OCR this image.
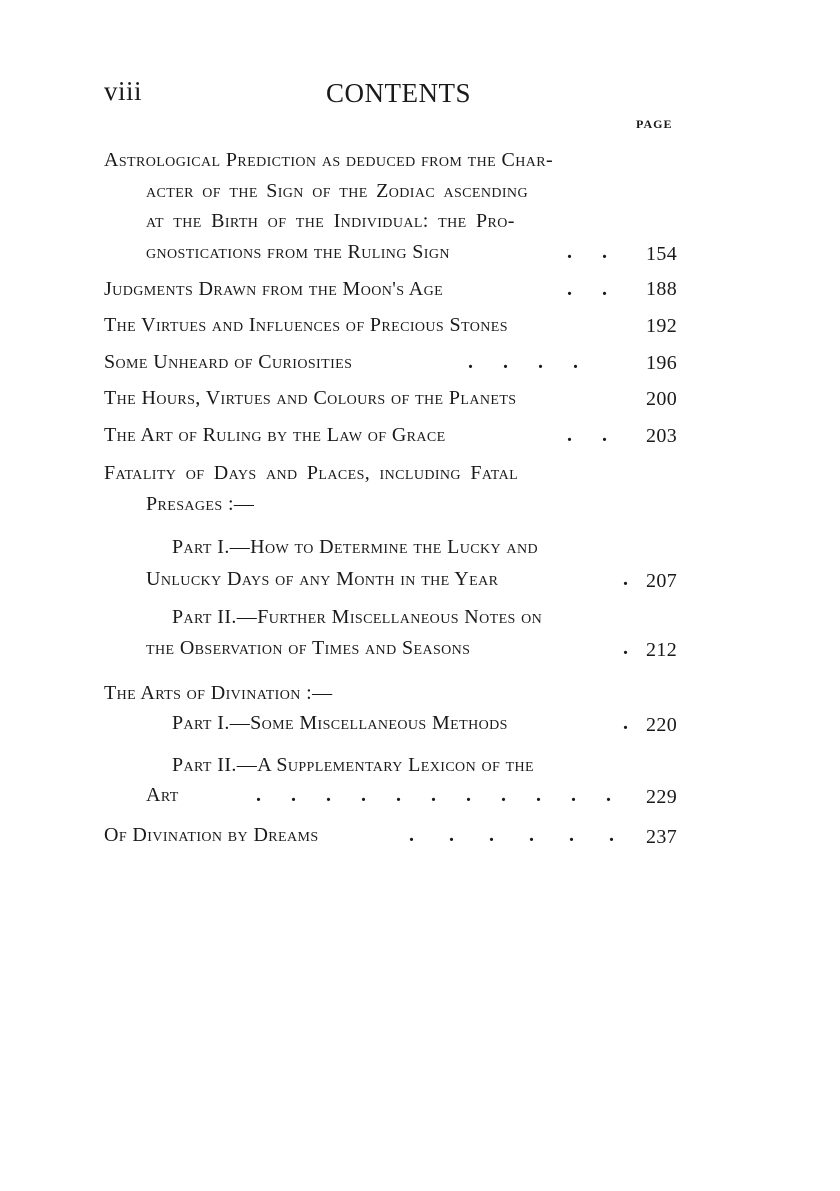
viii	CONTENTS
PAGE
Astrological Prediction as deduced from the Char-
acter of the Sign of the Zodiac ascending
at the Birth of the Individual: the Pro-
gnostications from the Ruling Sign	.      . 154
Judgments Drawn from the Moon's Age	.      . 188
The Virtues and Influences of Precious Stones	192
Some Unheard of Curiosities	.      .      .      .	196
The Hours, Virtues and Colours of the Planets	200
The Art of Ruling by the Law of Grace	.      . 203
Fatality of Days and Places, including Fatal
Presages :—
Part I.—How to Determine the Lucky and
Unlucky Days of any Month in the Year	. 207
Part II.—Further Miscellaneous Notes on
the Observation of Times and Seasons	. 212
The Arts of Divination :—
Part I.—Some Miscellaneous Methods	. 220
Part II.—A Supplementary Lexicon of the
Art	.      .      .      .      .      .      .      .      .      .      . 229
Of Divination by Dreams	.       .       .       .       .       . 237
